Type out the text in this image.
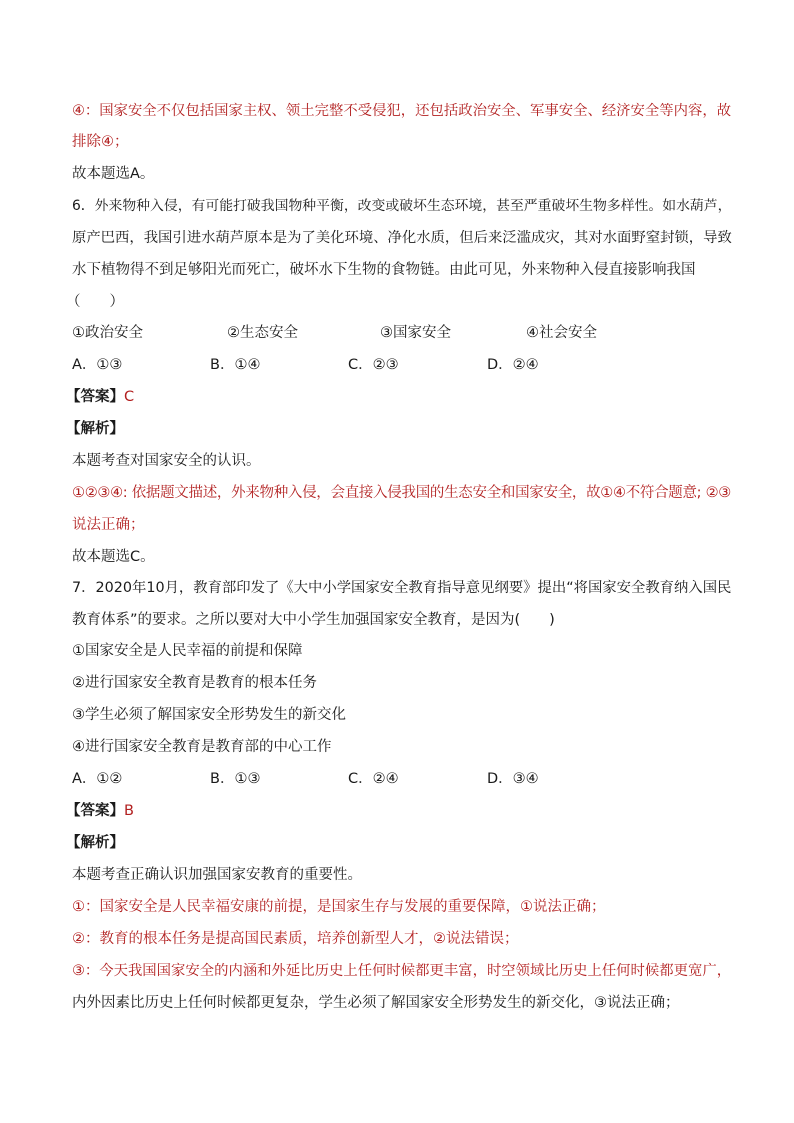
④：国家安全不仅包括国家主权、领土完整不受侵犯，还包括政治安全、军事安全、经济安全等内容，故
排除④；
故本题选A。
6．外来物种入侵，有可能打破我国物种平衡，改变或破坏生态环境，甚至严重破坏生物多样性。如水葫芦，
原产巴西，我国引进水葫芦原本是为了美化环境、净化水质，但后来泛滥成灾，其对水面野窒封锁，导致
水下植物得不到足够阳光而死亡，破坏水下生物的食物链。由此可见，外来物种入侵直接影响我国
（　　）
①政治安全	②生态安全	③国家安全	④社会安全
A．①③	B．①④	C．②③	D．②④
【答案】C
【解析】
本题考查对国家安全的认识。
①②③④: 依据题文描述，外来物种入侵，会直接入侵我国的生态安全和国家安全，故①④不符合题意; ②③
说法正确；
故本题选C。
7．2020年10月，教育部印发了《大中小学国家安全教育指导意见纲要》提出“将国家安全教育纳入国民
教育体系”的要求。之所以要对大中小学生加强国家安全教育，是因为(　　)
①国家安全是人民幸福的前提和保障
②进行国家安全教育是教育的根本任务
③学生必须了解国家安全形势发生的新交化
④进行国家安全教育是教育部的中心工作
A．①②	B．①③	C．②④	D．③④
【答案】B
【解析】
本题考查正确认识加强国家安教育的重要性。
①：国家安全是人民幸福安康的前提，是国家生存与发展的重要保障，①说法正确；
②：教育的根本任务是提高国民素质，培养创新型人才，②说法错误；
③：今天我国国家安全的内涵和外延比历史上任何时候都更丰富，时空领域比历史上任何时候都更宽广，
内外因素比历史上任何时候都更复杂，学生必须了解国家安全形势发生的新交化，③说法正确；
